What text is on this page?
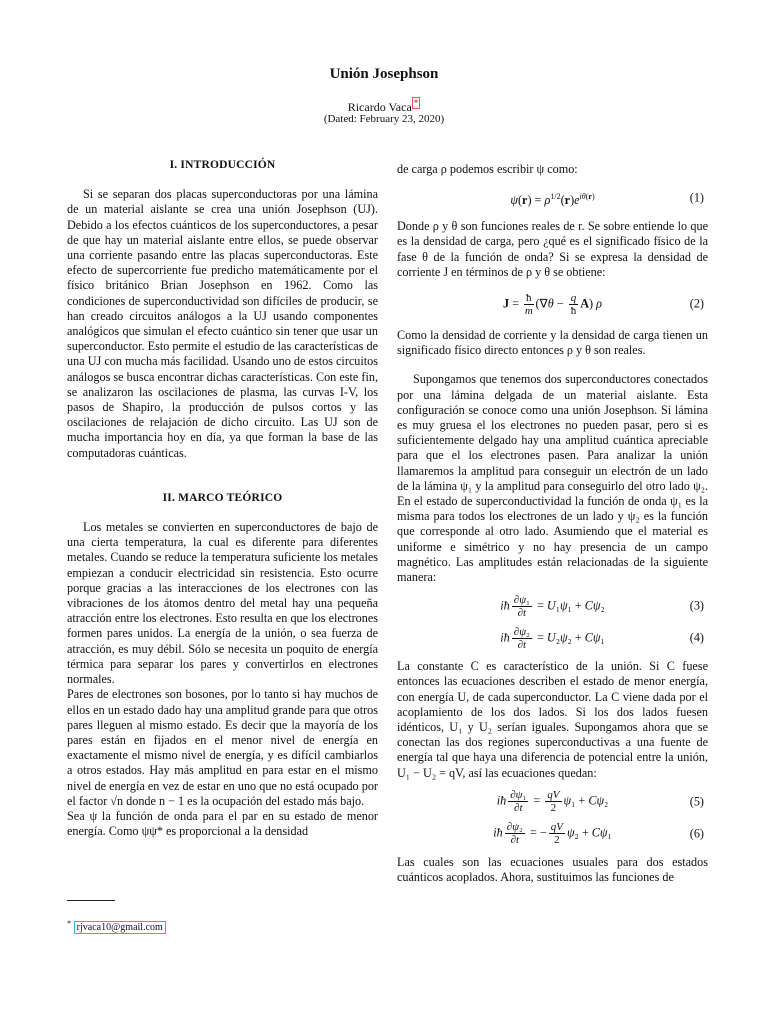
Unión Josephson
Ricardo Vaca *
(Dated: February 23, 2020)
I. INTRODUCCIÓN

Si se separan dos placas superconductoras por una lámina de un material aislante se crea una unión Josephson (UJ). Debido a los efectos cuánticos de los superconductores, a pesar de que hay un material aislante entre ellos, se puede observar una corriente pasando entre las placas superconductoras. Este efecto de supercorriente fue predicho matemáticamente por el físico británico Brian Josephson en 1962. Como las condiciones de superconductividad son difíciles de producir, se han creado circuitos análogos a la UJ usando componentes analógicos que simulan el efecto cuántico sin tener que usar un superconductor. Esto permite el estudio de las características de una UJ con mucha más facilidad. Usando uno de estos circuitos análogos se busca encontrar dichas características. Con este fin, se analizaron las oscilaciones de plasma, las curvas I-V, los pasos de Shapiro, la producción de pulsos cortos y las oscilaciones de relajación de dicho circuito. Las UJ son de mucha importancia hoy en día, ya que forman la base de las computadoras cuánticas.

II. MARCO TEÓRICO

Los metales se convierten en superconductores de bajo de una cierta temperatura, la cual es diferente para diferentes metales. Cuando se reduce la temperatura suficiente los metales empiezan a conducir electricidad sin resistencia. Esto ocurre porque gracias a las interacciones de los electrones con las vibraciones de los átomos dentro del metal hay una pequeña atracción entre los electrones. Esto resulta en que los electrones formen pares unidos. La energía de la unión, o sea fuerza de atracción, es muy débil. Sólo se necesita un poquito de energía térmica para separar los pares y convertirlos en electrones normales.

Pares de electrones son bosones, por lo tanto si hay muchos de ellos en un estado dado hay una amplitud grande para que otros pares lleguen al mismo estado. Es decir que la mayoría de los pares están en fijados en el menor nivel de energía en exactamente el mismo nivel de energía, y es difícil cambiarlos a otros estados. Hay más amplitud en para estar en el mismo nivel de energía en vez de estar en uno que no está ocupado por el factor √n donde n − 1 es la ocupación del estado más bajo.

Sea ψ la función de onda para el par en su estado de menor energía. Como ψψ* es proporcional a la densidad

de carga ρ podemos escribir ψ como:

$\psi(r) = \rho^{1/2}(r)e^{i\theta(r)}$	(1)

Donde ρ y θ son funciones reales de r. Se sobre entiende lo que es la densidad de carga, pero ¿qué es el significado físico de la fase θ de la función de onda? Si se expresa la densidad de corriente J en términos de ρ y θ se obtiene:

$J = \frac{ħ}{m} (\nabla\theta - \frac{q}{ħ} A)$ ρ	(2)

Como la densidad de corriente y la densidad de carga tienen un significado físico directo entonces ρ y θ son reales.

Supongamos que tenemos dos superconductores conectados por una lámina delgada de un material aislante. Esta configuración se conoce como una unión Josephson. Si lámina es muy gruesa el los electrones no pueden pasar, pero si es suficientemente delgado hay una amplitud cuántica apreciable para que el los electrones pasen. Para analizar la unión llamaremos la amplitud para conseguir un electrón de un lado de la lámina ψ₁ y la amplitud para conseguirlo del otro lado ψ₂. En el estado de superconductividad la función de onda ψ₁ es la misma para todos los electrones de un lado y ψ₂ es la función que corresponde al otro lado. Asumiendo que el material es uniforme e simétrico y no hay presencia de un campo magnético. Las amplitudes están relacionadas de la siguiente manera:

iħ $\frac{\text{∂ψ₁}}{\partial t} = U_1\psi_1 + C\psi_2$	(3)
iħ $\frac{\text{∂ψ₂}}{\partial t} = U_2\psi_2 + C\psi_1$	(4)

La constante C es característico de la unión. Si C fuese entonces las ecuaciones describen el estado de menor energía, con energía U, de cada superconductor. La C viene dada por el acoplamiento de los dos lados. Si los dos lados fuesen idénticos, U₁ y U₂ serían iguales. Supongamos ahora que se conectan las dos regiones superconductivas a una fuente de energía tal que haya una diferencia de potencial entre la unión, U₁ − U₂ = qV, así las ecuaciones quedan:

iħ $\frac{\text{∂ψ₁}}{\partial t} = \frac{qV}{2} \psi_1 + C\psi_2$	(5)
iħ $\frac{\text{∂ψ₂}}{\partial t}$ = − $\frac{qV}{2} \psi_2 + C\psi_1$	(6)

Las cuales son las ecuaciones usuales para dos estados cuánticos acoplados. Ahora, sustituimos las funciones de

* rjvaca10@gmail.com
